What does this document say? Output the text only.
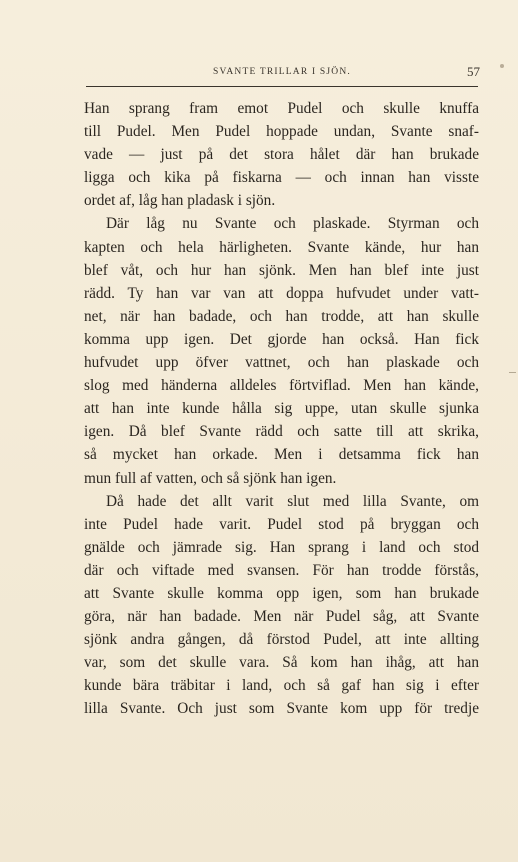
SVANTE TRILLAR I SJÖN.	57
Han sprang fram emot Pudel och skulle knuffa
till Pudel. Men Pudel hoppade undan, Svante snaf-
vade — just på det stora hålet där han brukade
ligga och kika på fiskarna — och innan han visste
ordet af, låg han pladask i sjön.
Där låg nu Svante och plaskade. Styrman och
kapten och hela härligheten. Svante kände, hur han
blef våt, och hur han sjönk. Men han blef inte just
rädd. Ty han var van att doppa hufvudet under vatt-
net, när han badade, och han trodde, att han skulle
komma upp igen. Det gjorde han också. Han fick
hufvudet upp öfver vattnet, och han plaskade och
slog med händerna alldeles förtviflad. Men han kände,
att han inte kunde hålla sig uppe, utan skulle sjunka
igen. Då blef Svante rädd och satte till att skrika,
så mycket han orkade. Men i detsamma fick han
mun full af vatten, och så sjönk han igen.
Då hade det allt varit slut med lilla Svante, om
inte Pudel hade varit. Pudel stod på bryggan och
gnälde och jämrade sig. Han sprang i land och stod
där och viftade med svansen. För han trodde förstås,
att Svante skulle komma opp igen, som han brukade
göra, när han badade. Men när Pudel såg, att Svante
sjönk andra gången, då förstod Pudel, att inte allting
var, som det skulle vara. Så kom han ihåg, att han
kunde bära träbitar i land, och så gaf han sig i efter
lilla Svante. Och just som Svante kom upp för tredje
